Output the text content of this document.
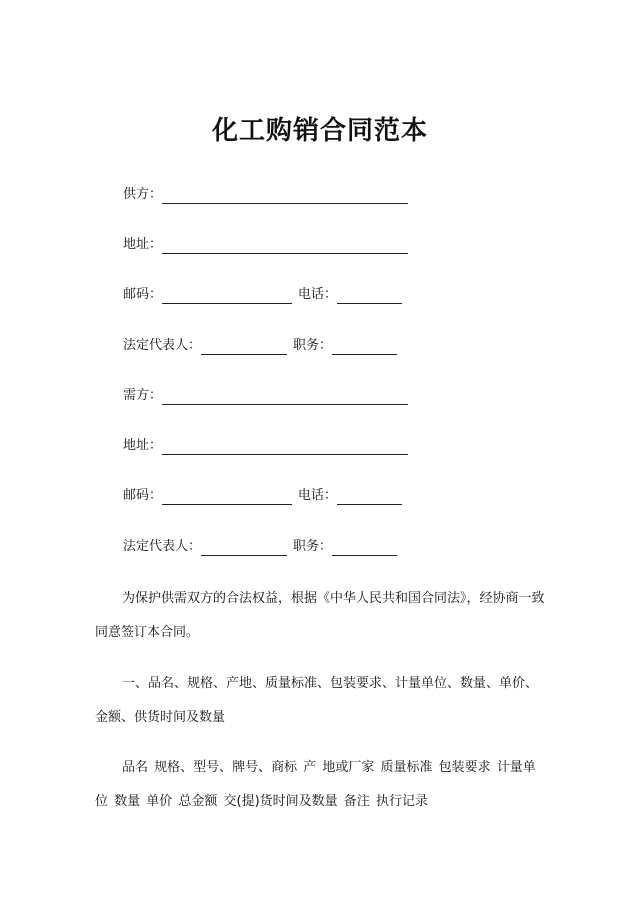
化工购销合同范本
供方：
地址：
邮码：	电话：
法定代表人：	职务：
需方：
地址：
邮码：	电话：
法定代表人：	职务：

为保护供需双方的合法权益，根据《中华人民共和国合同法》，经协商一致同意签订本合同。

一、品名、规格、产地、质量标准、包装要求、计量单位、数量、单价、金额、供货时间及数量

品名 规格、型号、牌号、商标 产 地或厂家 质量标准 包装要求 计量单位 数量 单价 总金额 交(提)货时间及数量 备注 执行记录
